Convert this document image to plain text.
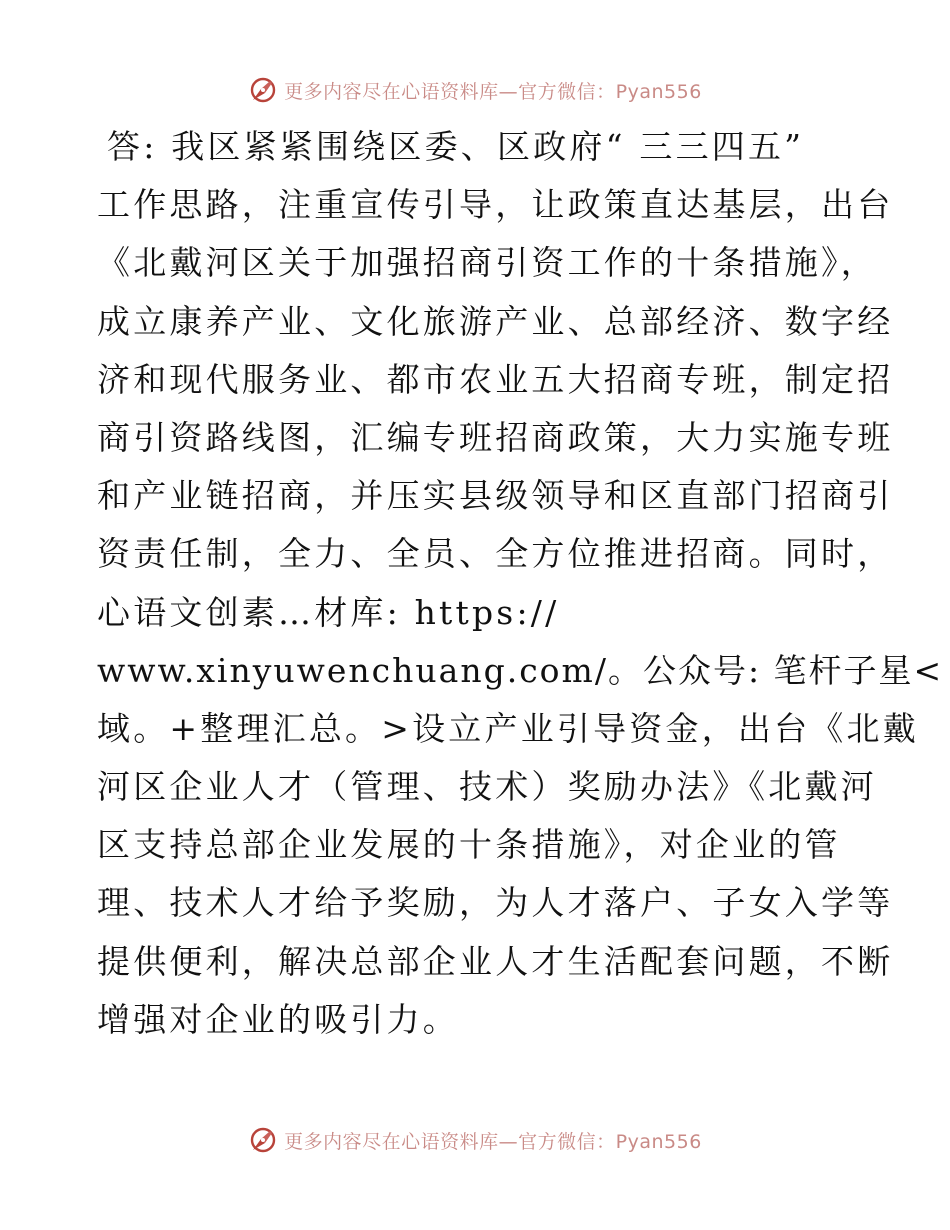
更多内容尽在心语资料库—官方微信：Pyan556
答: 我区紧紧围绕区委、区政府“ 三三四五”
工作思路，注重宣传引导，让政策直达基层，出台
《北戴河区关于加强招商引资工作的十条措施》，
成立康养产业、文化旅游产业、总部经济、数字经
济和现代服务业、都市农业五大招商专班，制定招
商引资路线图，汇编专班招商政策，大力实施专班
和产业链招商，并压实县级领导和区直部门招商引
资责任制，全力、全员、全方位推进招商。同时，
心语文创素…材库: https://
www.xinyuwenchuang.com/。公众号: 笔杆子星<
域。+整理汇总。>设立产业引导资金，出台《北戴
河区企业人才（管理、技术）奖励办法》《北戴河
区支持总部企业发展的十条措施》，对企业的管
理、技术人才给予奖励，为人才落户、子女入学等
提供便利，解决总部企业人才生活配套问题，不断
增强对企业的吸引力。
更多内容尽在心语资料库—官方微信：Pyan556
